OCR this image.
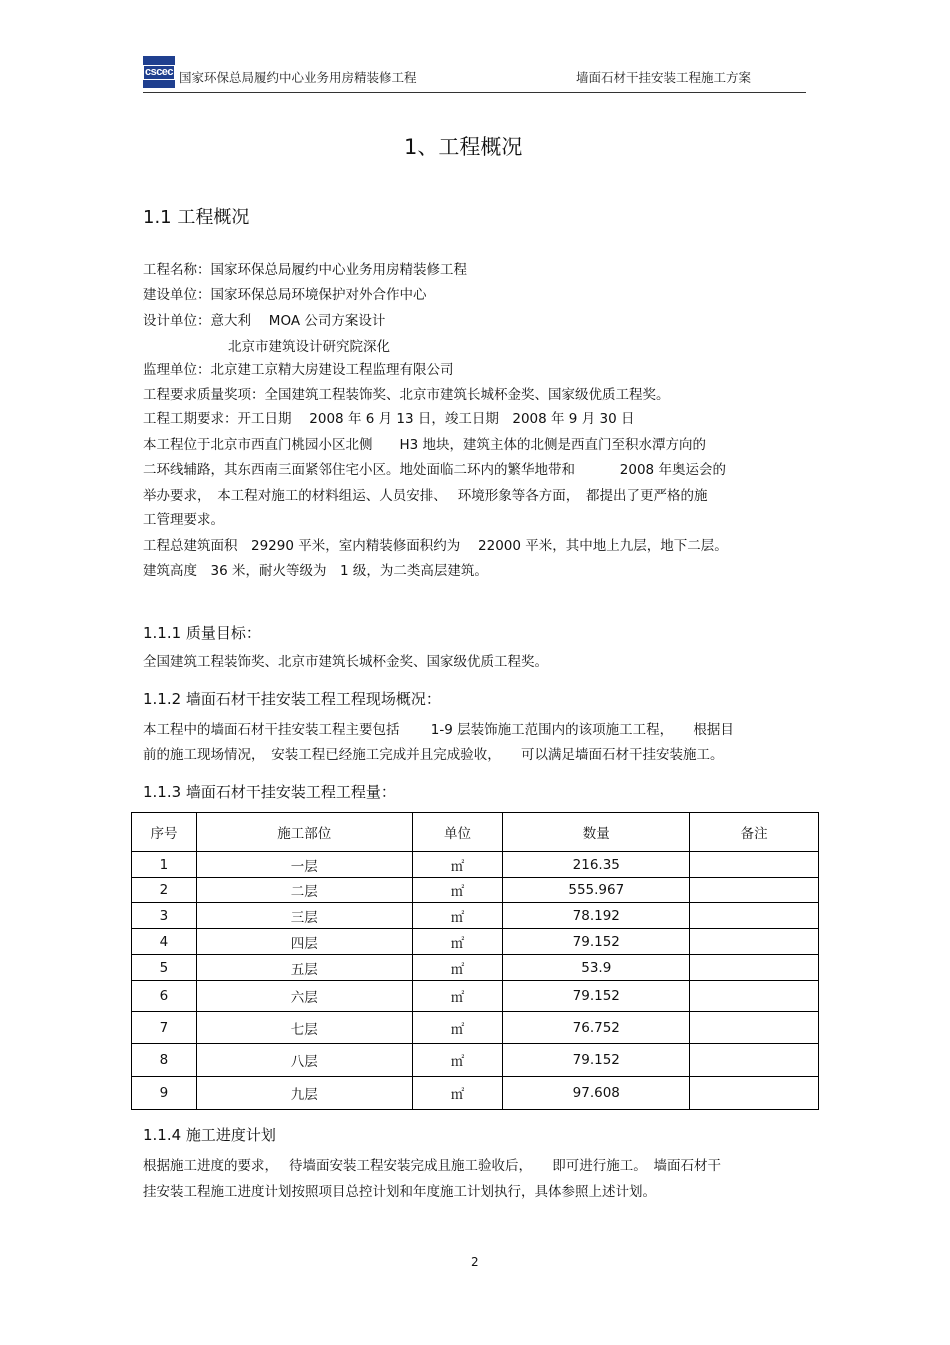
cscec 国家环保总局履约中心业务用房精装修工程	墙面石材干挂安装工程施工方案
1、工程概况
1.1 工程概况
工程名称：国家环保总局履约中心业务用房精装修工程
建设单位：国家环保总局环境保护对外合作中心
设计单位：意大利　 MOA 公司方案设计
北京市建筑设计研究院深化
监理单位：北京建工京精大房建设工程监理有限公司
工程要求质量奖项：全国建筑工程装饰奖、北京市建筑长城杯金奖、国家级优质工程奖。
工程工期要求：开工日期　 2008 年 6 月 13 日，竣工日期　2008 年 9 月 30 日
本工程位于北京市西直门桃园小区北侧　　H3 地块，建筑主体的北侧是西直门至积水潭方向的
二环线辅路，其东西南三面紧邻住宅小区。地处面临二环内的繁华地带和　　　 2008 年奥运会的
举办要求，　本工程对施工的材料组运、人员安排、　 环境形象等各方面，　都提出了更严格的施
工管理要求。
工程总建筑面积　29290 平米，室内精装修面积约为　 22000 平米，其中地上九层，地下二层。
建筑高度　36 米，耐火等级为　1 级，为二类高层建筑。
1.1.1 质量目标：
全国建筑工程装饰奖、北京市建筑长城杯金奖、国家级优质工程奖。
1.1.2 墙面石材干挂安装工程工程现场概况：
本工程中的墙面石材干挂安装工程主要包括　　 1-9 层装饰施工范围内的该项施工工程，　　根据目
前的施工现场情况，　安装工程已经施工完成并且完成验收，　　可以满足墙面石材干挂安装施工。
1.1.3 墙面石材干挂安装工程工程量：
序号	施工部位	单位	数量	备注
1	一层	㎡	216.35	
2	二层	㎡	555.967	
3	三层	㎡	78.192	
4	四层	㎡	79.152	
5	五层	㎡	53.9	
6	六层	㎡	79.152	
7	七层	㎡	76.752	
8	八层	㎡	79.152	
9	九层	㎡	97.608	
1.1.4 施工进度计划
根据施工进度的要求，　 待墙面安装工程安装完成且施工验收后，　　即可进行施工。　墙面石材干
挂安装工程施工进度计划按照项目总控计划和年度施工计划执行，具体参照上述计划。
2
